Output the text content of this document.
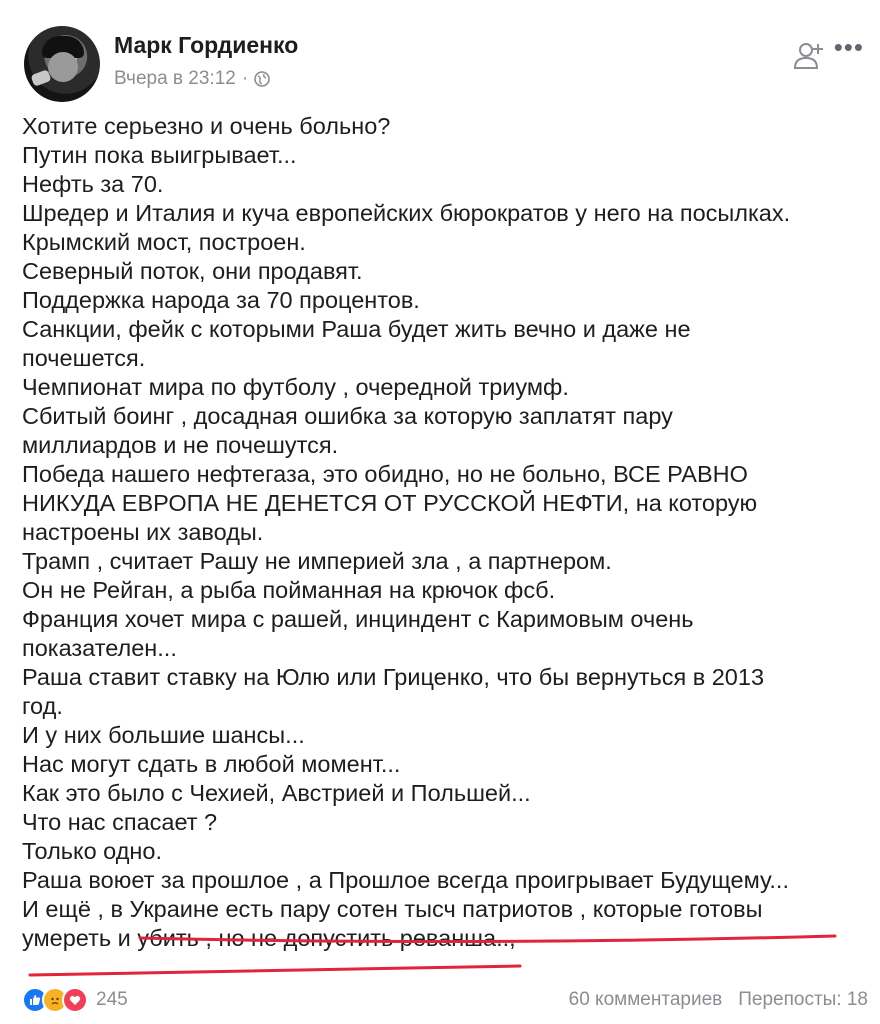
Марк Гордиенко
Вчера в 23:12 ·
•••

Хотите серьезно и очень больно?

Путин пока выигрывает...

Нефть за 70.

Шредер и Италия и куча европейских бюрократов у него на посылках.

Крымский мост, построен.

Северный поток, они продавят.

Поддержка народа за 70 процентов.

Санкции, фейк с которыми Раша будет жить вечно и даже не

почешется.

Чемпионат мира по футболу , очередной триумф.

Сбитый боинг , досадная ошибка за которую заплатят пару

миллиардов и не почешутся.

Победа нашего нефтегаза, это обидно, но не больно, ВСЕ РАВНО

НИКУДА ЕВРОПА НЕ ДЕНЕТСЯ ОТ РУССКОЙ НЕФТИ, на которую

настроены их заводы.

Трамп , считает Рашу не империей зла , а партнером.

Он не Рейган, а рыба пойманная на крючок фсб.

Франция хочет мира с рашей, инциндент с Каримовым очень

показателен...

Раша ставит ставку на Юлю или Гриценко, что бы вернуться в 2013

год.

И у них большие шансы...

Нас могут сдать в любой момент...

Как это было с Чехией, Австрией и Польшей...

Что нас спасает ?

Только одно.

Раша воюет за прошлое , а Прошлое всегда проигрывает Будущему...

И ещё , в Украине есть пару сотен тысч патриотов , которые готовы

умереть и убить , но не допустить реванша..,

245	60 комментариев Перепосты: 18
